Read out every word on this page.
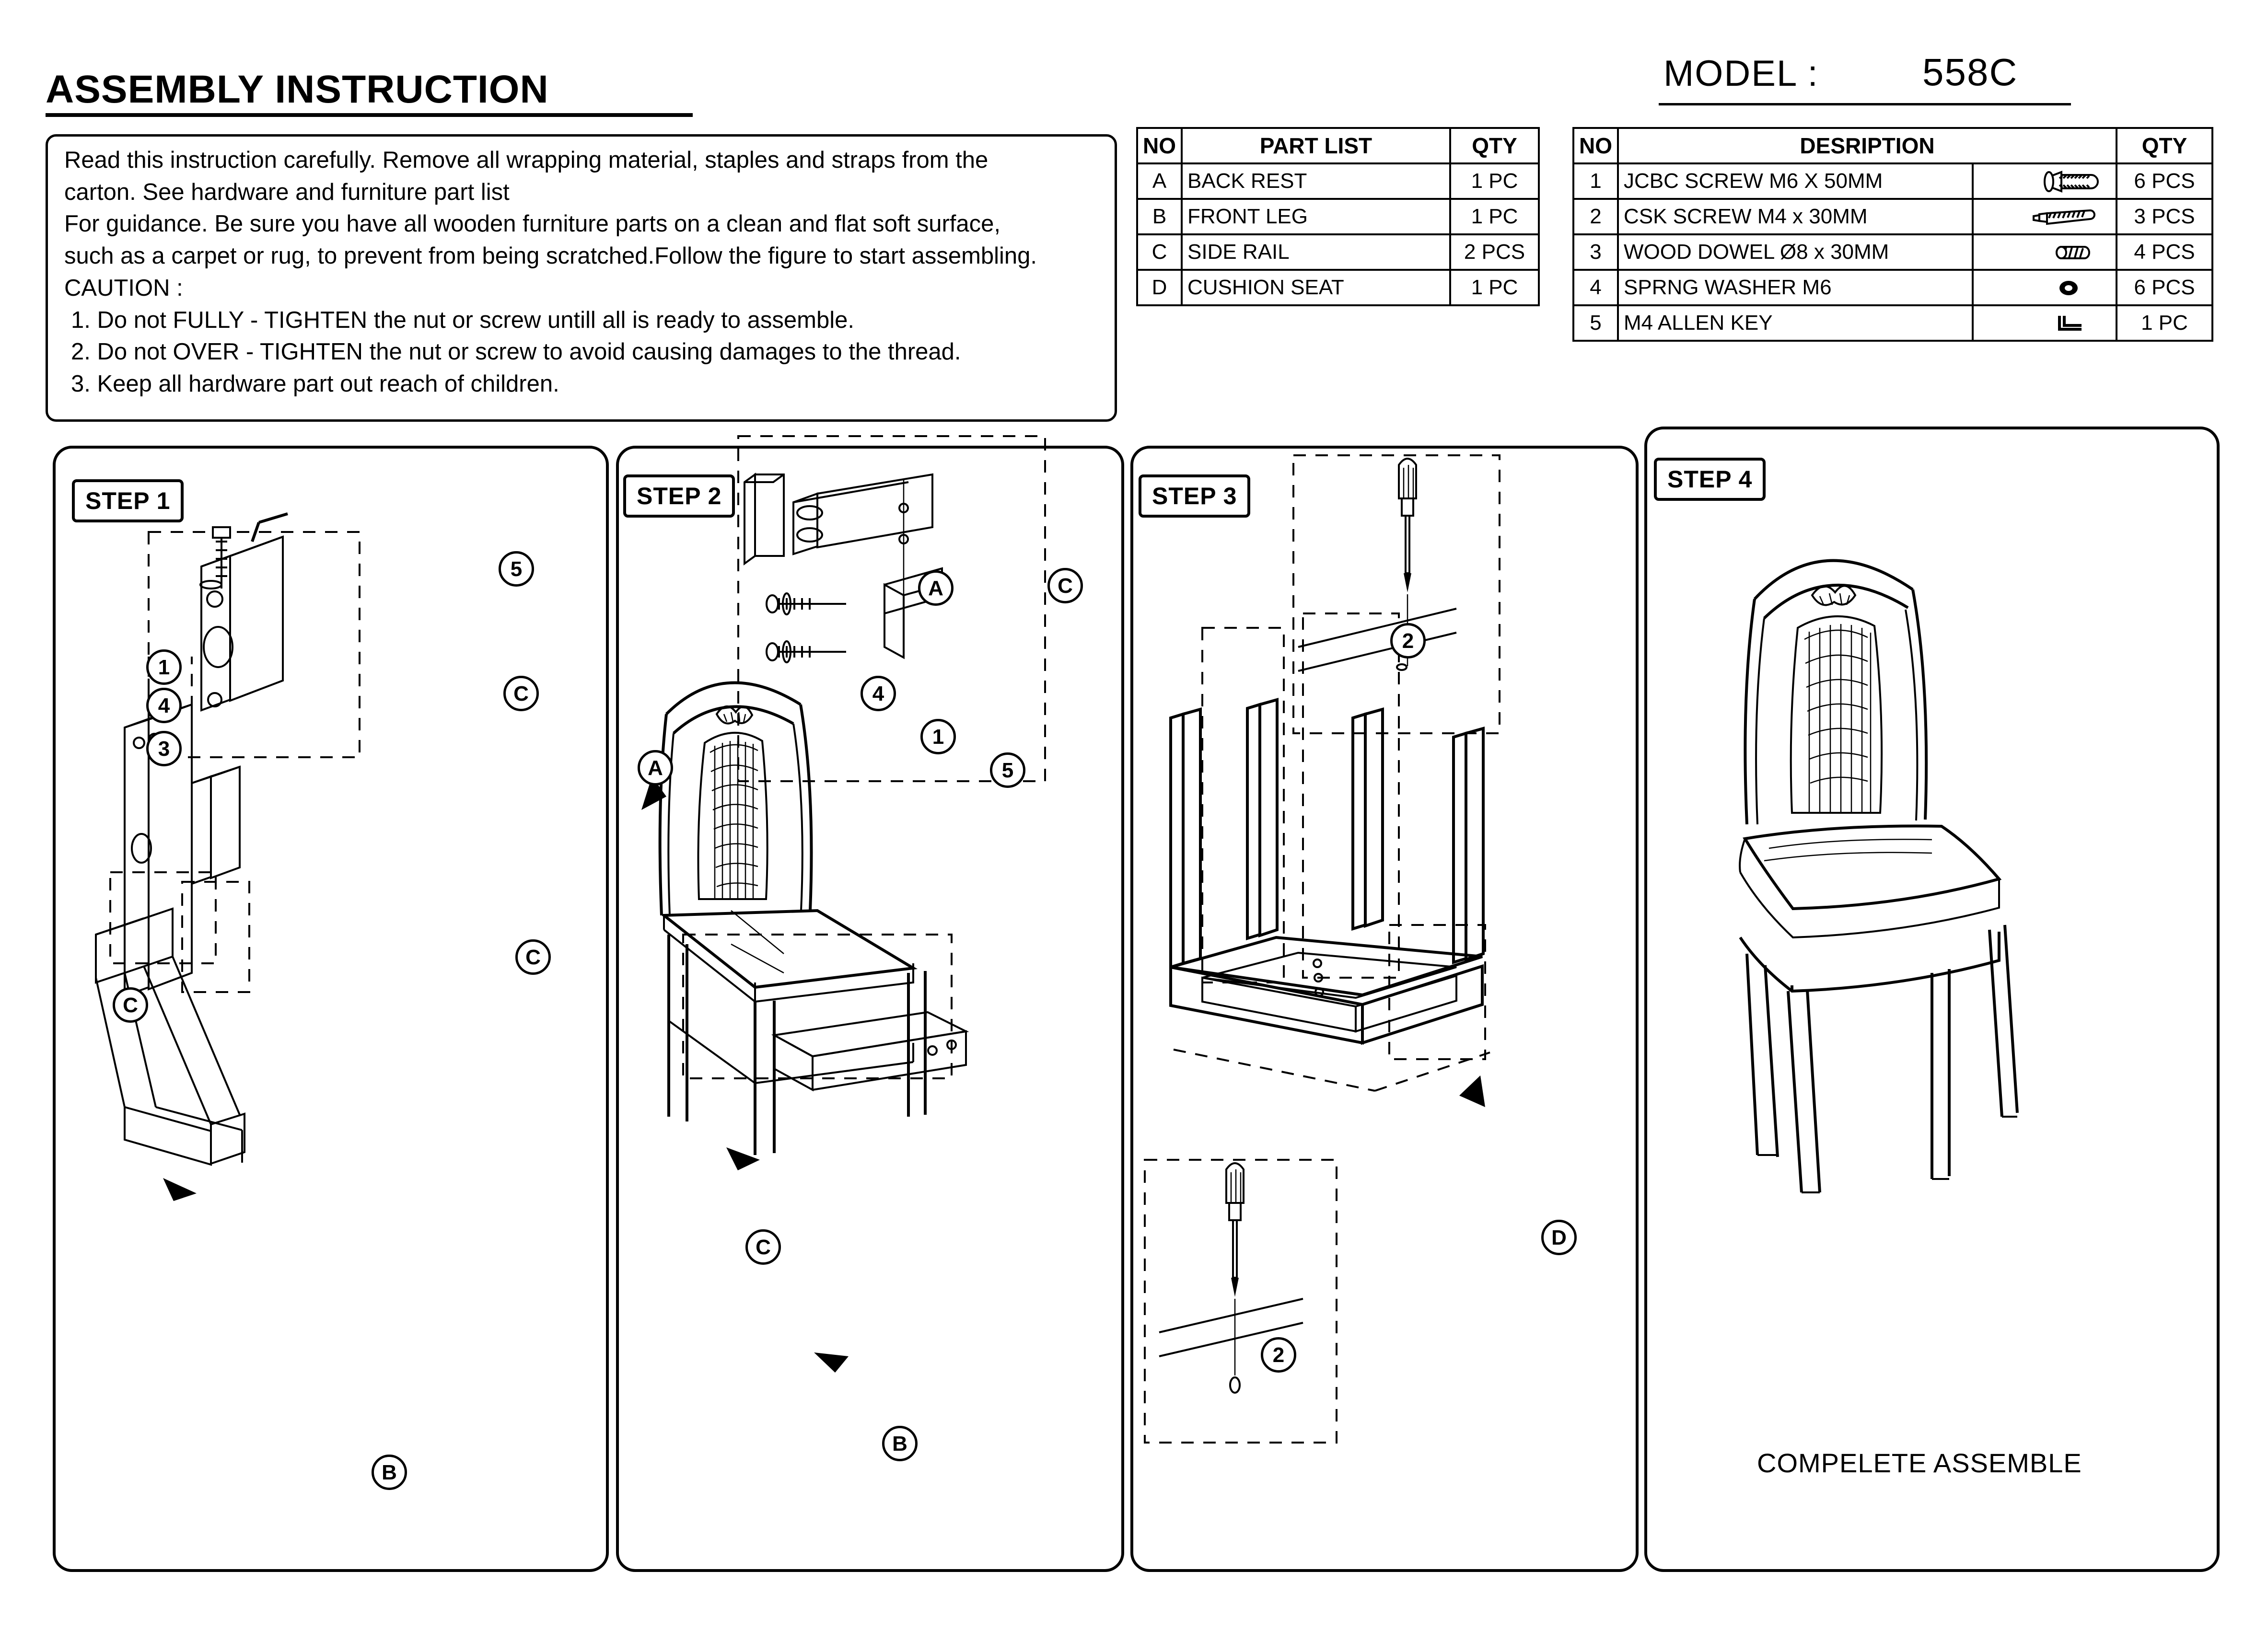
ASSEMBLY INSTRUCTION	MODEL :	558C

Read this instruction carefully. Remove all wrapping material, staples and straps from the

carton. See hardware and furniture part list

For guidance. Be sure you have all wooden furniture parts on a clean and flat soft surface,

such as a carpet or rug, to prevent from being scratched.Follow the figure to start assembling.

CAUTION :

1. Do not FULLY - TIGHTEN the nut or screw untill all is ready to assemble.

2. Do not OVER - TIGHTEN the nut or screw to avoid causing damages to the thread.

3. Keep all hardware part out reach of children.

NO	PART LIST	QTY
A	BACK REST	1 PC
B	FRONT LEG	1 PC
C	SIDE RAIL	2 PCS
D	CUSHION SEAT	1 PC
NO	DESRIPTION		QTY
1	JCBC SCREW M6 X 50MM		6 PCS
2	CSK SCREW M4 x 30MM		3 PCS
3	WOOD DOWEL Ø8 x 30MM		4 PCS
4	SPRNG WASHER M6		6 PCS
5	M4 ALLEN KEY		1 PC
STEP 1	STEP 2	STEP 3
STEP 4
1
4
3
5
C
C
C
B
A	C
A
4
1
5
C
B
2
2
D
COMPELETE ASSEMBLE
